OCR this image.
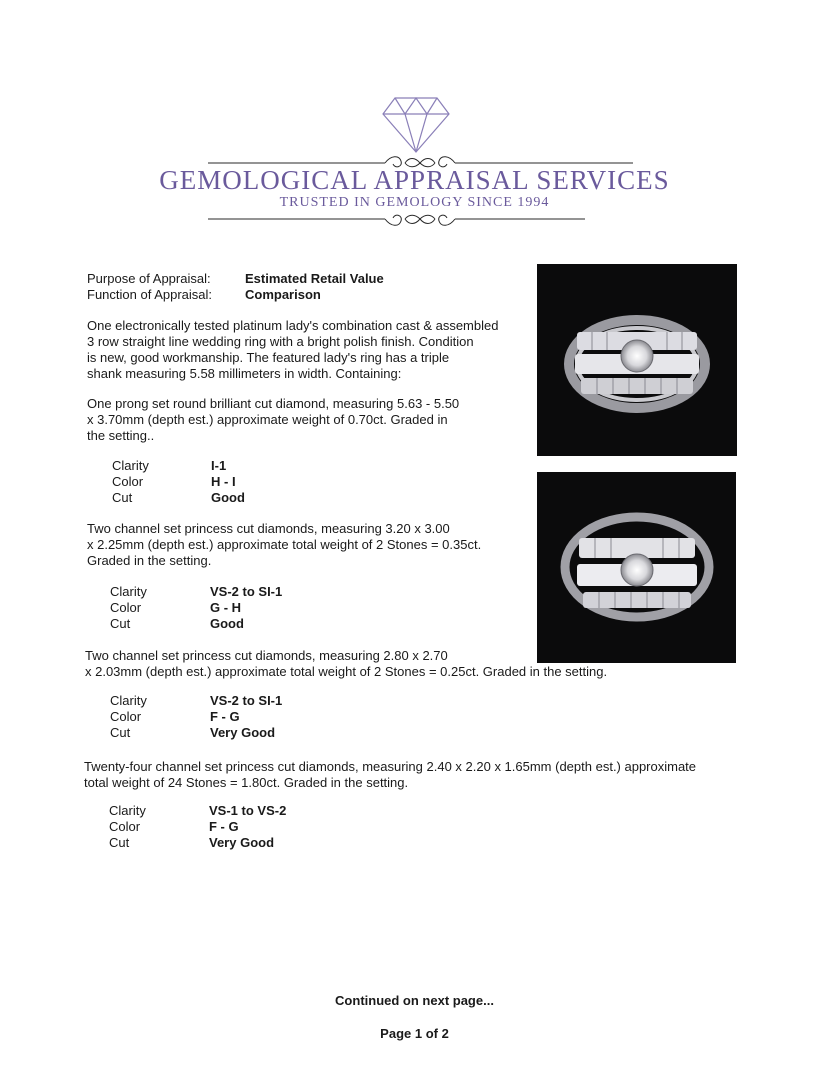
GEMOLOGICAL APPRAISAL SERVICES
TRUSTED IN GEMOLOGY SINCE 1994
Purpose of Appraisal:	Estimated Retail Value
Function of Appraisal:	Comparison
One electronically tested platinum lady's combination cast & assembled
3 row straight line wedding ring with a bright polish finish. Condition
is new, good workmanship. The featured lady's ring has a triple
shank measuring 5.58 millimeters in width. Containing:
One prong set round brilliant cut diamond, measuring 5.63 - 5.50
x 3.70mm (depth est.) approximate weight of 0.70ct. Graded in
the setting..
Clarity	I-1
Color	H - I
Cut	Good
Two channel set princess cut diamonds, measuring 3.20 x 3.00
x 2.25mm (depth est.) approximate total weight of 2 Stones = 0.35ct.
Graded in the setting.
Clarity	VS-2 to SI-1
Color	G - H
Cut	Good
Two channel set princess cut diamonds, measuring 2.80 x 2.70
x 2.03mm (depth est.) approximate total weight of 2 Stones = 0.25ct. Graded in the setting.
Clarity	VS-2 to SI-1
Color	F - G
Cut	Very Good
Twenty-four channel set princess cut diamonds, measuring 2.40 x 2.20 x 1.65mm (depth est.) approximate
total weight of 24 Stones = 1.80ct. Graded in the setting.
Clarity	VS-1 to VS-2
Color	F - G
Cut	Very Good
Continued on next page...
Page 1 of 2
